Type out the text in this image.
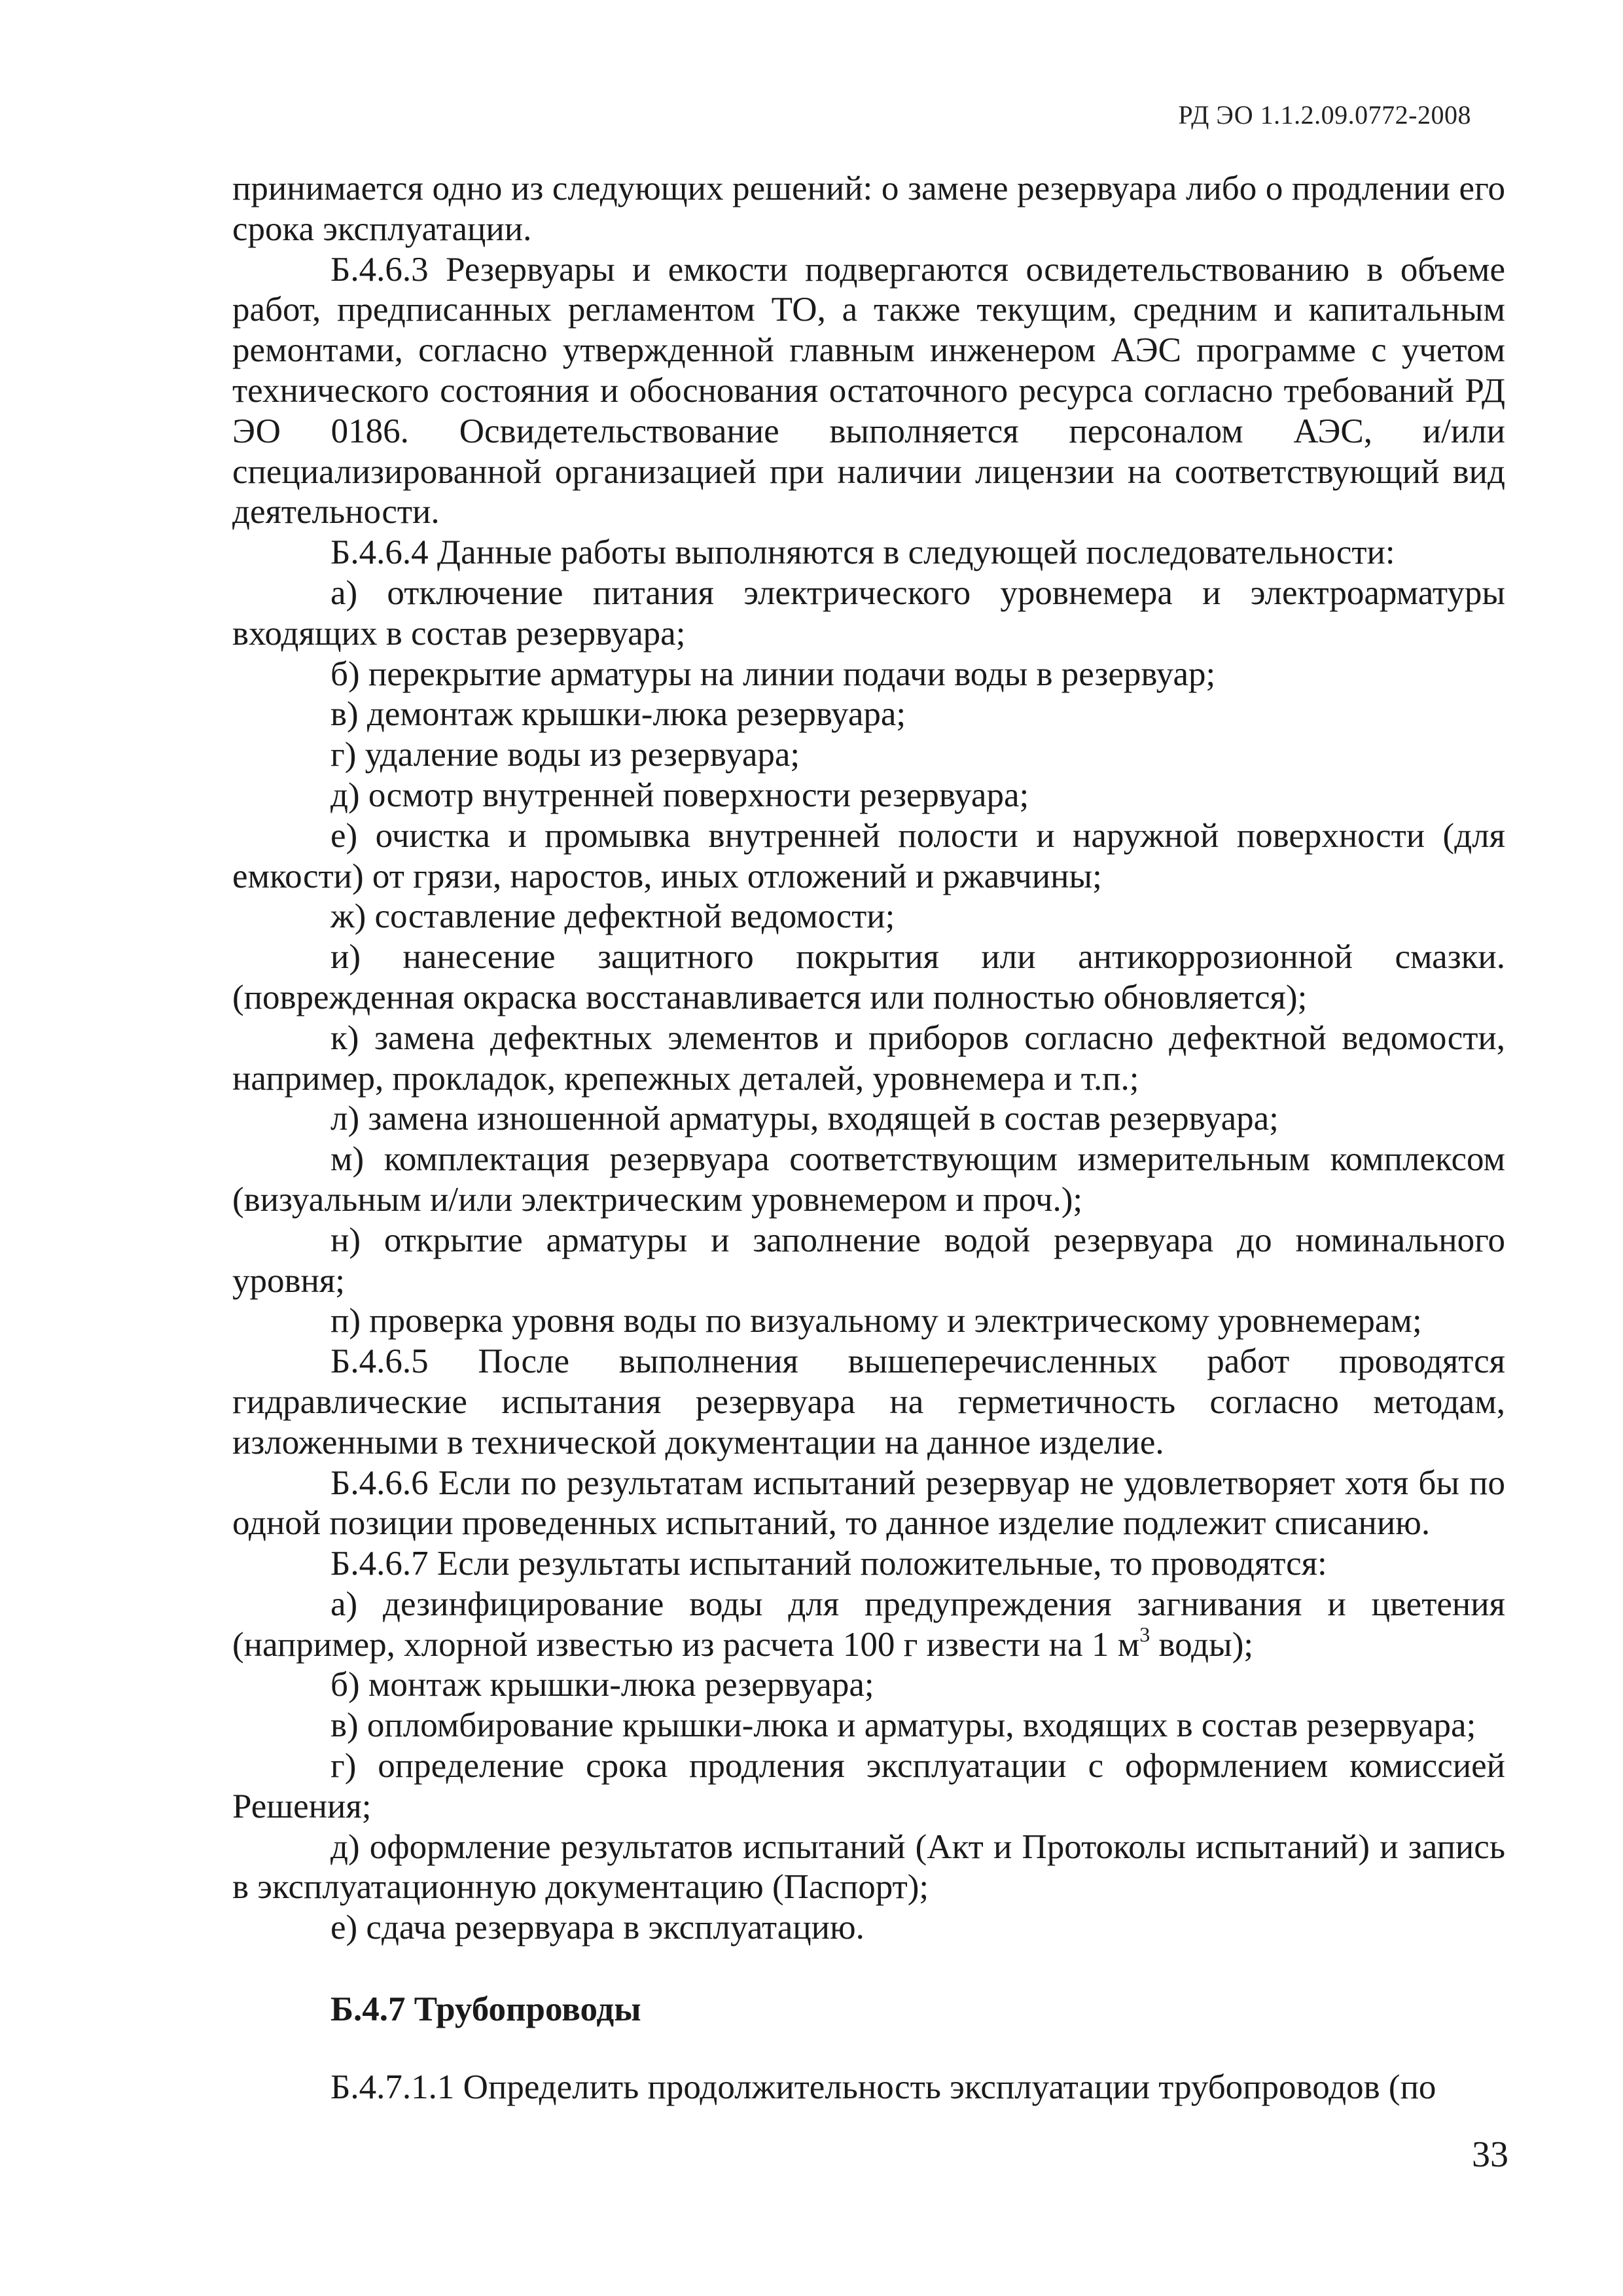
РД ЭО 1.1.2.09.0772-2008

принимается одно из следующих решений: о замене резервуара либо о продлении его срока эксплуатации.

Б.4.6.3 Резервуары и емкости подвергаются освидетельствованию в объеме работ, предписанных регламентом ТО, а также текущим, средним и капитальным ремонтами, согласно утвержденной главным инженером АЭС программе с учетом технического состояния и обоснования остаточного ресурса согласно требований РД ЭО 0186. Освидетельствование выполняется персоналом АЭС, и/или специализированной организацией при наличии лицензии на соответствующий вид деятельности.

Б.4.6.4 Данные работы выполняются в следующей последовательности:

а) отключение питания электрического уровнемера и электроарматуры входящих в состав резервуара;

б) перекрытие арматуры на линии подачи воды в резервуар;

в) демонтаж крышки-люка резервуара;

г) удаление воды из резервуара;

д) осмотр внутренней поверхности резервуара;

е) очистка и промывка внутренней полости и наружной поверхности (для емкости) от грязи, наростов, иных отложений и ржавчины;

ж) составление дефектной ведомости;

и) нанесение защитного покрытия или антикоррозионной смазки. (поврежденная окраска восстанавливается или полностью обновляется);

к) замена дефектных элементов и приборов согласно дефектной ведомости, например, прокладок, крепежных деталей, уровнемера и т.п.;

л) замена изношенной арматуры, входящей в состав резервуара;

м) комплектация резервуара соответствующим измерительным комплексом (визуальным и/или электрическим уровнемером и проч.);

н) открытие арматуры и заполнение водой резервуара до номинального уровня;

п) проверка уровня воды по визуальному и электрическому уровнемерам;

Б.4.6.5 После выполнения вышеперечисленных работ проводятся гидравлические испытания резервуара на герметичность согласно методам, изложенными в технической документации на данное изделие.

Б.4.6.6 Если по результатам испытаний резервуар не удовлетворяет хотя бы по одной позиции проведенных испытаний, то данное изделие подлежит списанию.

Б.4.6.7 Если результаты испытаний положительные, то проводятся:

а) дезинфицирование воды для предупреждения загнивания и цветения (например, хлорной известью из расчета 100 г извести на 1 $м^3$ воды);

б) монтаж крышки-люка резервуара;

в) опломбирование крышки-люка и арматуры, входящих в состав резервуара;

г) определение срока продления эксплуатации с оформлением комиссией Решения;

д) оформление результатов испытаний (Акт и Протоколы испытаний) и запись в эксплуатационную документацию (Паспорт);

е) сдача резервуара в эксплуатацию.

Б.4.7 Трубопроводы

Б.4.7.1.1 Определить продолжительность эксплуатации трубопроводов (по

33
